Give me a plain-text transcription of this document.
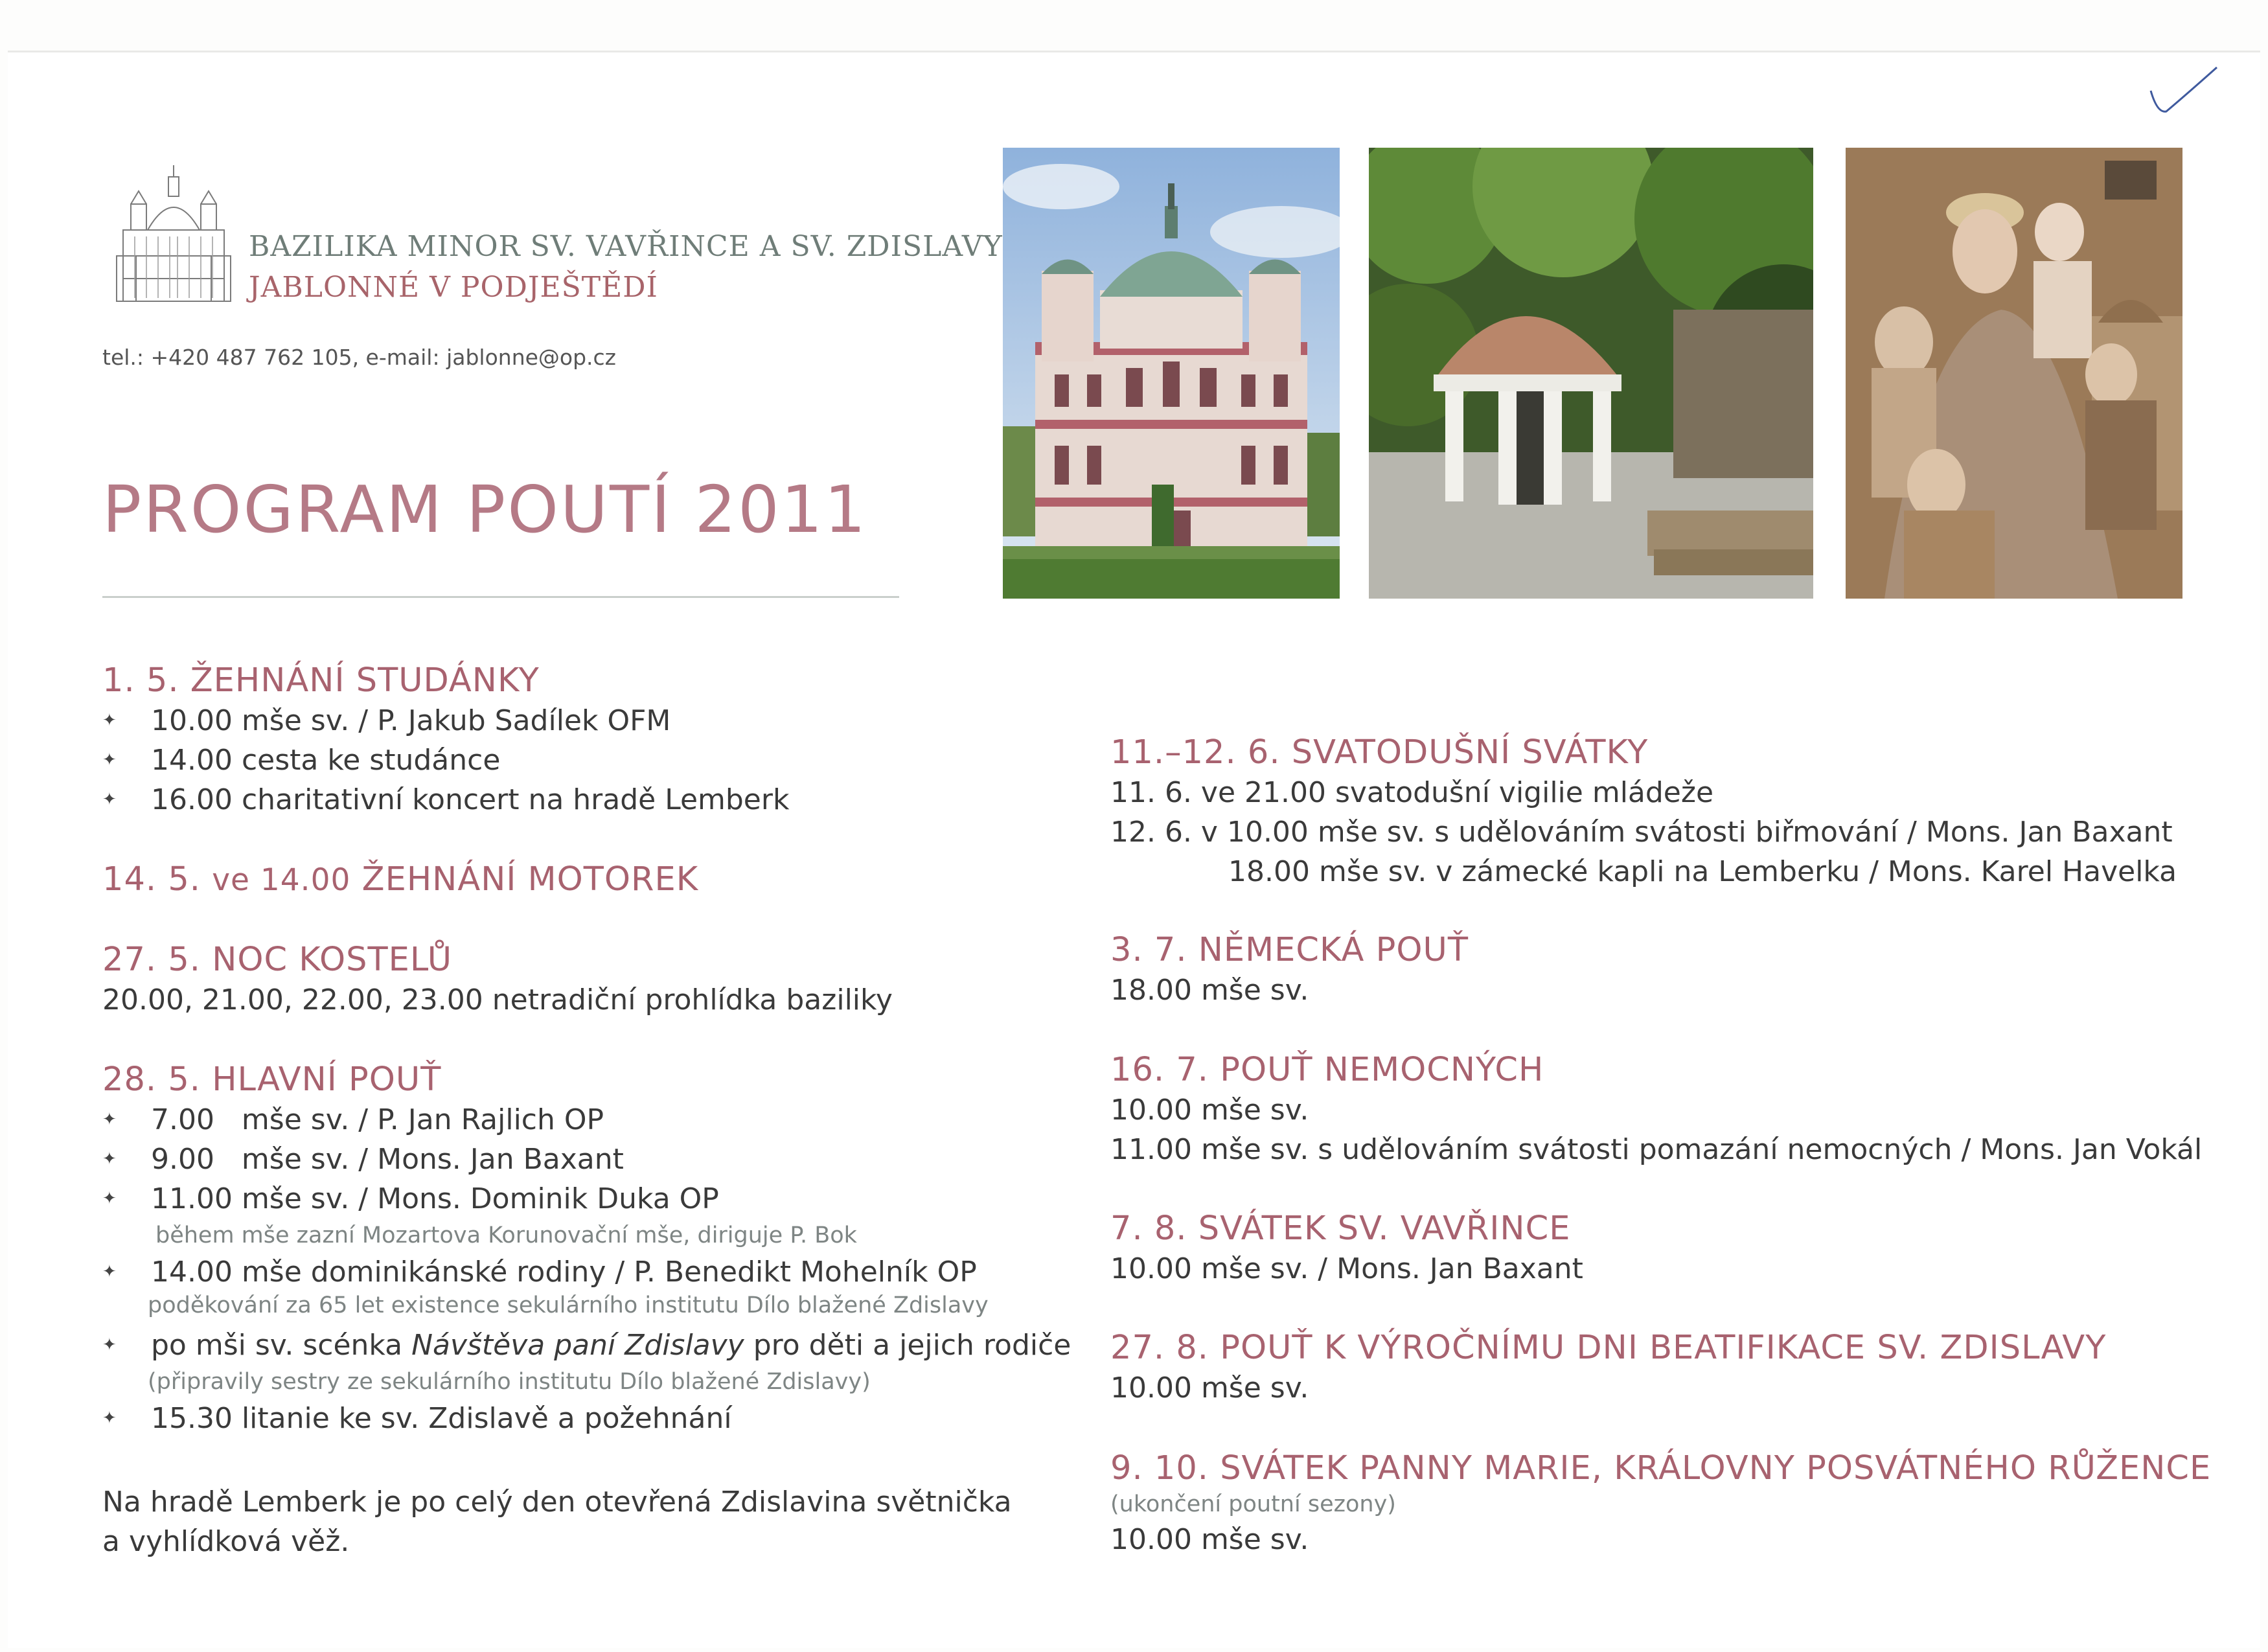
BAZILIKA MINOR SV. VAVŘINCE A SV. ZDISLAVY
JABLONNÉ V PODJEŠTĚDÍ
tel.: +420 487 762 105, e-mail: jablonne@op.cz
PROGRAM POUTÍ 2011
1. 5. ŽEHNÁNÍ STUDÁNKY
✦	10.00 mše sv. / P. Jakub Sadílek OFM
✦	14.00 cesta ke studánce
✦	16.00 charitativní koncert na hradě Lemberk
14. 5. ve 14.00 ŽEHNÁNÍ MOTOREK
27. 5. NOC KOSTELŮ
20.00, 21.00, 22.00, 23.00 netradiční prohlídka baziliky
28. 5. HLAVNÍ POUŤ
✦	7.00   mše sv. / P. Jan Rajlich OP
✦	9.00   mše sv. / Mons. Jan Baxant
✦	11.00 mše sv. / Mons. Dominik Duka OP
během mše zazní Mozartova Korunovační mše, diriguje P. Bok
✦	14.00 mše dominikánské rodiny / P. Benedikt Mohelník OP
poděkování za 65 let existence sekulárního institutu Dílo blažené Zdislavy
✦	po mši sv. scénka Návštěva paní Zdislavy pro děti a jejich rodiče
(připravily sestry ze sekulárního institutu Dílo blažené Zdislavy)
✦	15.30 litanie ke sv. Zdislavě a požehnání
Na hradě Lemberk je po celý den otevřená Zdislavina světnička
a vyhlídková věž.
11.–12. 6. SVATODUŠNÍ SVÁTKY
11. 6. ve 21.00 svatodušní vigilie mládeže
12. 6. v 10.00 mše sv. s udělováním svátosti biřmování / Mons. Jan Baxant
18.00 mše sv. v zámecké kapli na Lemberku / Mons. Karel Havelka
3. 7. NĚMECKÁ POUŤ
18.00 mše sv.
16. 7. POUŤ NEMOCNÝCH
10.00 mše sv.
11.00 mše sv. s udělováním svátosti pomazání nemocných / Mons. Jan Vokál
7. 8. SVÁTEK SV. VAVŘINCE
10.00 mše sv. / Mons. Jan Baxant
27. 8. POUŤ K VÝROČNÍMU DNI BEATIFIKACE SV. ZDISLAVY
10.00 mše sv.
9. 10. SVÁTEK PANNY MARIE, KRÁLOVNY POSVÁTNÉHO RŮŽENCE
(ukončení poutní sezony)
10.00 mše sv.
